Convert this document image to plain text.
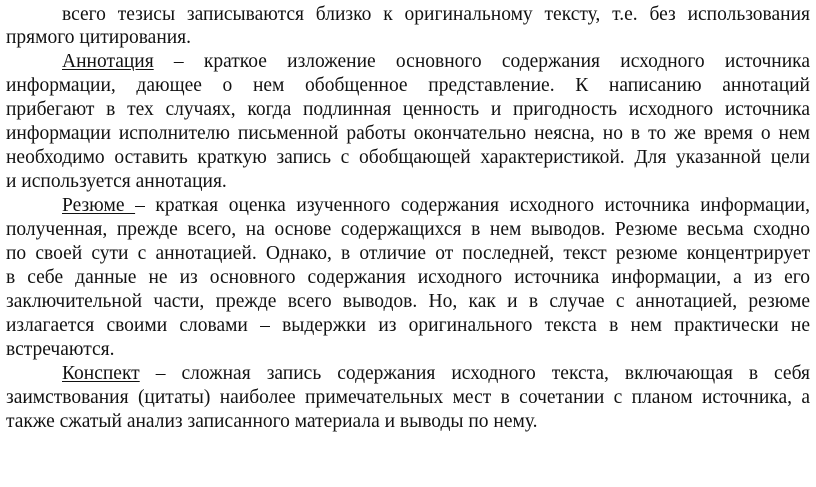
всего тезисы записываются близко к оригинальному тексту, т.е. без использования
прямого цитирования.
Аннотация – краткое изложение основного содержания исходного источника
информации, дающее о нем обобщенное представление. К написанию аннотаций
прибегают в тех случаях, когда подлинная ценность и пригодность исходного источника
информации исполнителю письменной работы окончательно неясна, но в то же время о нем
необходимо оставить краткую запись с обобщающей характеристикой. Для указанной цели
и используется аннотация.
Резюме – краткая оценка изученного содержания исходного источника информации,
полученная, прежде всего, на основе содержащихся в нем выводов. Резюме весьма сходно
по своей сути с аннотацией. Однако, в отличие от последней, текст резюме концентрирует
в себе данные не из основного содержания исходного источника информации, а из его
заключительной части, прежде всего выводов. Но, как и в случае с аннотацией, резюме
излагается своими словами – выдержки из оригинального текста в нем практически не
встречаются.
Конспект – сложная запись содержания исходного текста, включающая в себя
заимствования (цитаты) наиболее примечательных мест в сочетании с планом источника, а
также сжатый анализ записанного материала и выводы по нему.
